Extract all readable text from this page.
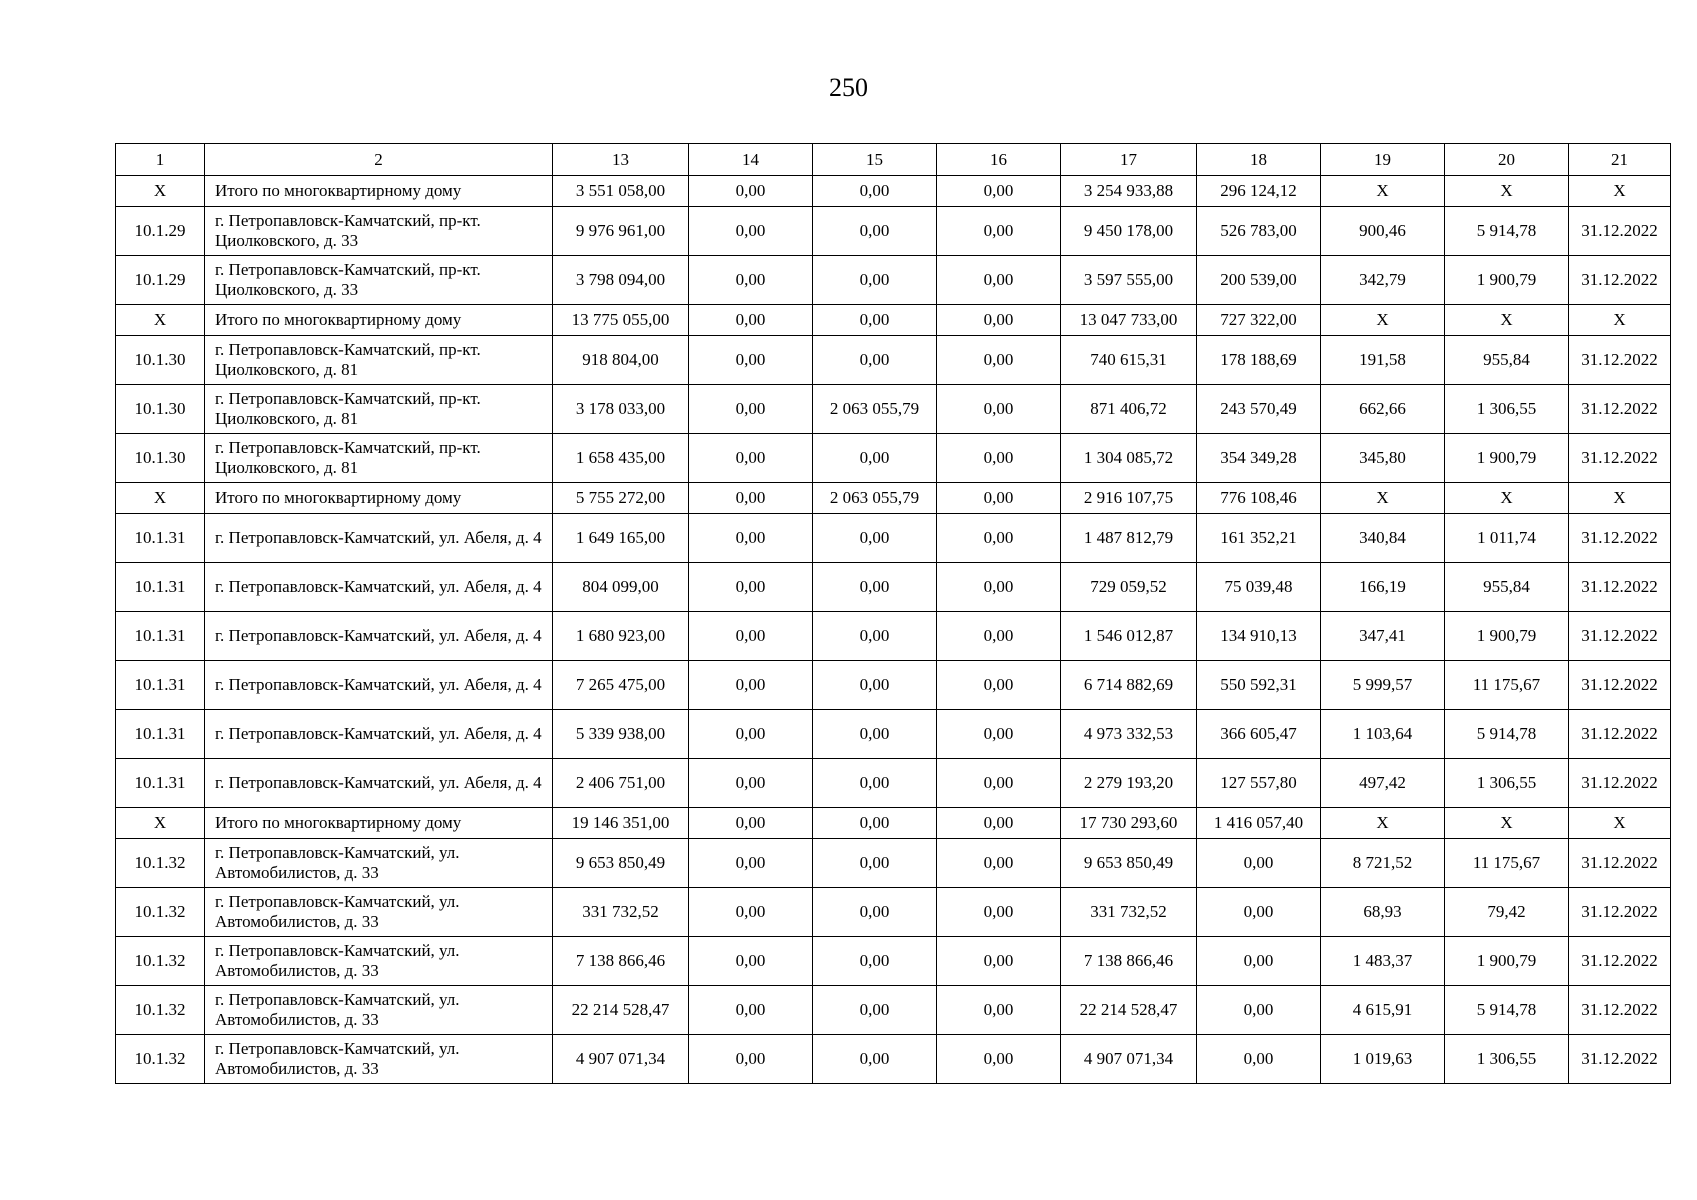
250
1	2	13	14	15	16	17	18	19	20	21
X	Итого по многоквартирному дому	3 551 058,00	0,00	0,00	0,00	3 254 933,88	296 124,12	X	X	X
10.1.29	г. Петропавловск-Камчатский, пр-кт. Циолковского, д. 33	9 976 961,00	0,00	0,00	0,00	9 450 178,00	526 783,00	900,46	5 914,78	31.12.2022
10.1.29	г. Петропавловск-Камчатский, пр-кт. Циолковского, д. 33	3 798 094,00	0,00	0,00	0,00	3 597 555,00	200 539,00	342,79	1 900,79	31.12.2022
X	Итого по многоквартирному дому	13 775 055,00	0,00	0,00	0,00	13 047 733,00	727 322,00	X	X	X
10.1.30	г. Петропавловск-Камчатский, пр-кт. Циолковского, д. 81	918 804,00	0,00	0,00	0,00	740 615,31	178 188,69	191,58	955,84	31.12.2022
10.1.30	г. Петропавловск-Камчатский, пр-кт. Циолковского, д. 81	3 178 033,00	0,00	2 063 055,79	0,00	871 406,72	243 570,49	662,66	1 306,55	31.12.2022
10.1.30	г. Петропавловск-Камчатский, пр-кт. Циолковского, д. 81	1 658 435,00	0,00	0,00	0,00	1 304 085,72	354 349,28	345,80	1 900,79	31.12.2022
X	Итого по многоквартирному дому	5 755 272,00	0,00	2 063 055,79	0,00	2 916 107,75	776 108,46	X	X	X
10.1.31	г. Петропавловск-Камчатский, ул. Абеля, д. 4	1 649 165,00	0,00	0,00	0,00	1 487 812,79	161 352,21	340,84	1 011,74	31.12.2022
10.1.31	г. Петропавловск-Камчатский, ул. Абеля, д. 4	804 099,00	0,00	0,00	0,00	729 059,52	75 039,48	166,19	955,84	31.12.2022
10.1.31	г. Петропавловск-Камчатский, ул. Абеля, д. 4	1 680 923,00	0,00	0,00	0,00	1 546 012,87	134 910,13	347,41	1 900,79	31.12.2022
10.1.31	г. Петропавловск-Камчатский, ул. Абеля, д. 4	7 265 475,00	0,00	0,00	0,00	6 714 882,69	550 592,31	5 999,57	11 175,67	31.12.2022
10.1.31	г. Петропавловск-Камчатский, ул. Абеля, д. 4	5 339 938,00	0,00	0,00	0,00	4 973 332,53	366 605,47	1 103,64	5 914,78	31.12.2022
10.1.31	г. Петропавловск-Камчатский, ул. Абеля, д. 4	2 406 751,00	0,00	0,00	0,00	2 279 193,20	127 557,80	497,42	1 306,55	31.12.2022
X	Итого по многоквартирному дому	19 146 351,00	0,00	0,00	0,00	17 730 293,60	1 416 057,40	X	X	X
10.1.32	г. Петропавловск-Камчатский, ул. Автомобилистов, д. 33	9 653 850,49	0,00	0,00	0,00	9 653 850,49	0,00	8 721,52	11 175,67	31.12.2022
10.1.32	г. Петропавловск-Камчатский, ул. Автомобилистов, д. 33	331 732,52	0,00	0,00	0,00	331 732,52	0,00	68,93	79,42	31.12.2022
10.1.32	г. Петропавловск-Камчатский, ул. Автомобилистов, д. 33	7 138 866,46	0,00	0,00	0,00	7 138 866,46	0,00	1 483,37	1 900,79	31.12.2022
10.1.32	г. Петропавловск-Камчатский, ул. Автомобилистов, д. 33	22 214 528,47	0,00	0,00	0,00	22 214 528,47	0,00	4 615,91	5 914,78	31.12.2022
10.1.32	г. Петропавловск-Камчатский, ул. Автомобилистов, д. 33	4 907 071,34	0,00	0,00	0,00	4 907 071,34	0,00	1 019,63	1 306,55	31.12.2022
